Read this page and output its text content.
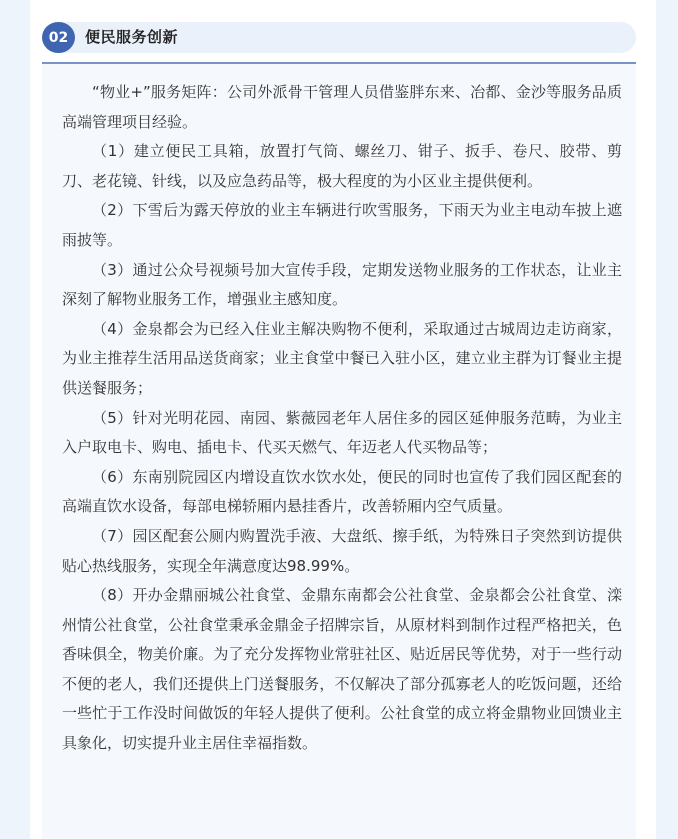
02	便民服务创新

“物业+”服务矩阵：公司外派骨干管理人员借鉴胖东来、冶都、金沙等服务品质高端管理项目经验。

（1）建立便民工具箱，放置打气筒、螺丝刀、钳子、扳手、卷尺、胶带、剪刀、老花镜、针线，以及应急药品等，极大程度的为小区业主提供便利。

（2）下雪后为露天停放的业主车辆进行吹雪服务，下雨天为业主电动车披上遮雨披等。

（3）通过公众号视频号加大宣传手段，定期发送物业服务的工作状态，让业主深刻了解物业服务工作，增强业主感知度。

（4）金泉都会为已经入住业主解决购物不便利，采取通过古城周边走访商家，为业主推荐生活用品送货商家；业主食堂中餐已入驻小区，建立业主群为订餐业主提供送餐服务；

（5）针对光明花园、南园、紫薇园老年人居住多的园区延伸服务范畴，为业主入户取电卡、购电、插电卡、代买天燃气、年迈老人代买物品等；

（6）东南别院园区内增设直饮水饮水处，便民的同时也宣传了我们园区配套的高端直饮水设备，每部电梯轿厢内悬挂香片，改善轿厢内空气质量。

（7）园区配套公厕内购置洗手液、大盘纸、擦手纸，为特殊日子突然到访提供贴心热线服务，实现全年满意度达98.99%。

（8）开办金鼎丽城公社食堂、金鼎东南都会公社食堂、金泉都会公社食堂、滦州情公社食堂，公社食堂秉承金鼎金子招牌宗旨，从原材料到制作过程严格把关，色香味俱全，物美价廉。为了充分发挥物业常驻社区、贴近居民等优势，对于一些行动不便的老人，我们还提供上门送餐服务，不仅解决了部分孤寡老人的吃饭问题，还给一些忙于工作没时间做饭的年轻人提供了便利。公社食堂的成立将金鼎物业回馈业主具象化，切实提升业主居住幸福指数。
